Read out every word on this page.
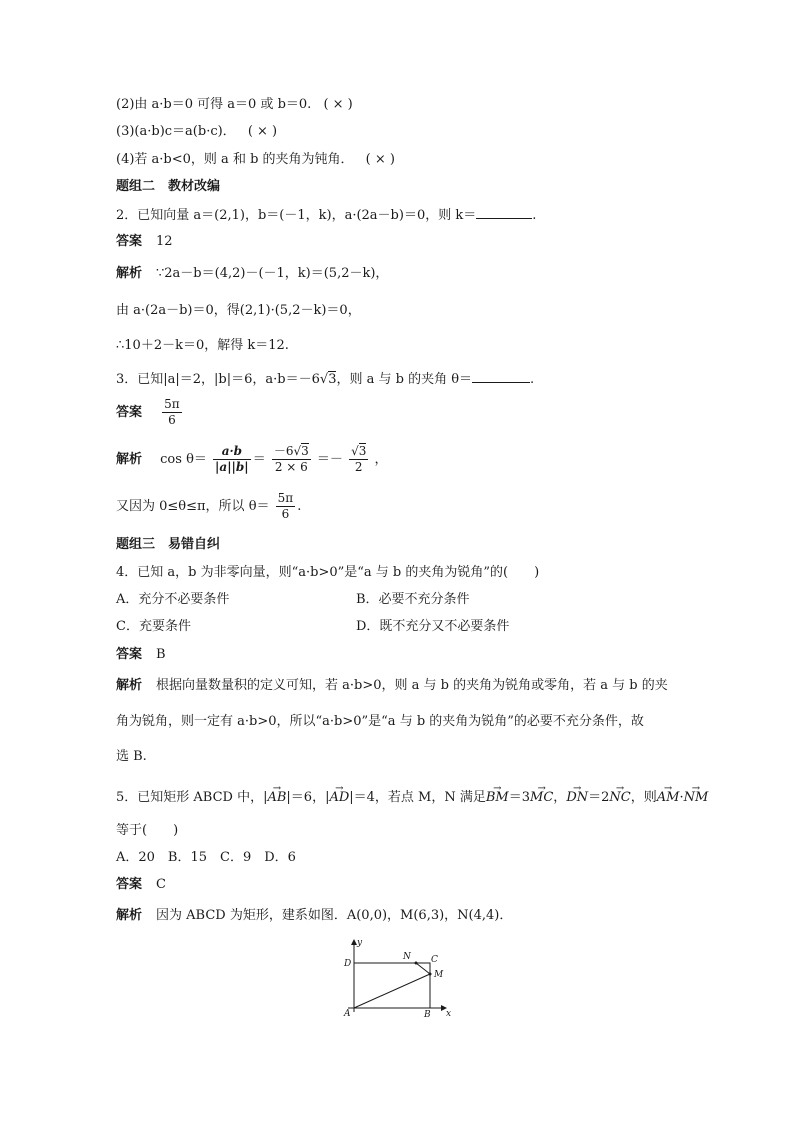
(2)由 a·b＝0 可得 a＝0 或 b＝0. ( × )
(3)(a·b)c＝a(b·c)． ( × )
(4)若 a·b<0，则 a 和 b 的夹角为钝角． ( × )
题组二　教材改编
2．已知向量 a＝(2,1)，b＝(－1，k)，a·(2a－b)＝0，则 k＝	.
答案 12
解析 ∵2a－b＝(4,2)－(－1，k)＝(5,2－k)，
由 a·(2a－b)＝0，得(2,1)·(5,2－k)＝0，
∴10＋2－k＝0，解得 k＝12.
3．已知|a|＝2，|b|＝6，a·b＝－6√3，则 a 与 b 的夹角 θ＝	.
答案 $\frac{5\pi}{6}$
解析 $\cos \theta= \frac{a\cdot b}{|a||b|} = \frac{-6√3}{2 \times 6} =- \frac{√3}{2}$ ，
又因为 0≤θ≤π，所以 $\theta= \frac{5\pi}{6}$ .
题组三　易错自纠
4．已知 a，b 为非零向量，则“a·b>0”是“a 与 b 的夹角为锐角”的(　　)
A．充分不必要条件	B．必要不充分条件
C．充要条件	D．既不充分又不必要条件
答案 B
解析 根据向量数量积的定义可知，若 a·b>0，则 a 与 b 的夹角为锐角或零角，若 a 与 b 的夹
角为锐角，则一定有 a·b>0，所以“a·b>0”是“a 与 b 的夹角为锐角”的必要不充分条件，故
选 B.
5．已知矩形 ABCD 中，|→ AB|＝6，|→ AD|＝4，若点 M，N 满足→ BM＝3→ MC，→ DN＝2→ NC，则→ AM·→ NM
等于(　　)
A．20　B．15　C．9　D．6
答案 C
解析 因为 ABCD 为矩形，建系如图．A(0,0)，M(6,3)，N(4,4)．
y
x
A	B
C
D
M
N
